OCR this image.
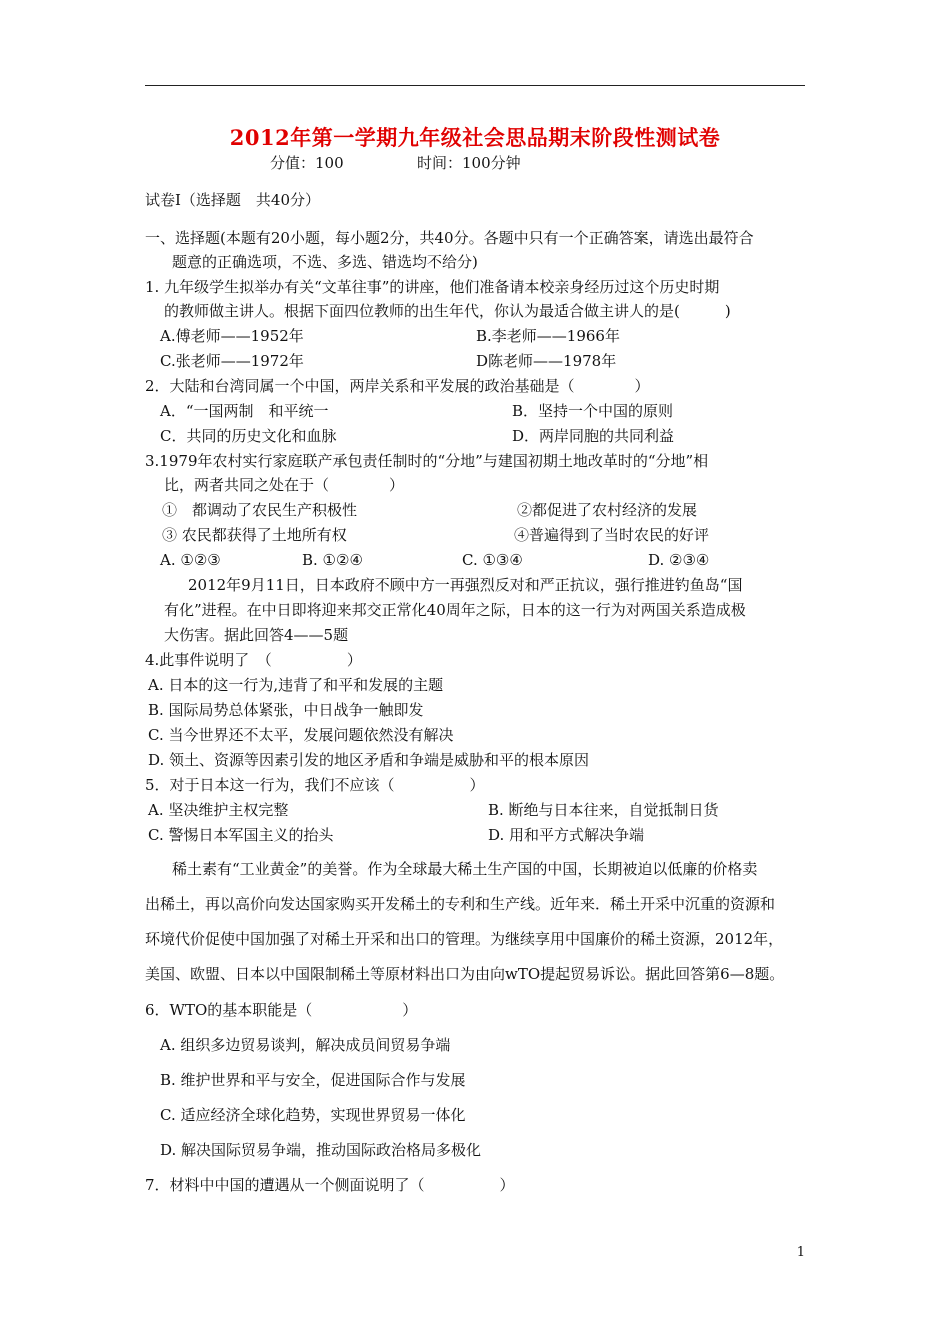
2012年第一学期九年级社会思品期末阶段性测试卷
分值：100	时间：100分钟
试卷Ⅰ（选择题　共40分）
一、选择题(本题有20小题，每小题2分，共40分。各题中只有一个正确答案，请选出最符合
题意的正确选项，不选、多选、错选均不给分)
1. 九年级学生拟举办有关“文革往事”的讲座，他们准备请本校亲身经历过这个历史时期
的教师做主讲人。根据下面四位教师的出生年代，你认为最适合做主讲人的是(　　　)
A.傅老师——1952年	B.李老师——1966年
C.张老师——1972年	D陈老师——1978年
2．大陆和台湾同属一个中国，两岸关系和平发展的政治基础是（　　　　）
A．“一国两制　和平统一	B．坚持一个中国的原则
C．共同的历史文化和血脉	D．两岸同胞的共同利益
3.1979年农村实行家庭联产承包责任制时的“分地”与建国初期土地改革时的“分地”相
比，两者共同之处在于（　　　　）
①　都调动了农民生产积极性	②都促进了农村经济的发展
③ 农民都获得了土地所有权	④普遍得到了当时农民的好评
A. ①②③	B. ①②④	C. ①③④	D. ②③④
2012年9月11日，日本政府不顾中方一再强烈反对和严正抗议，强行推进钓鱼岛“国
有化”进程。在中日即将迎来邦交正常化40周年之际，日本的这一行为对两国关系造成极
大伤害。据此回答4——5题
4.此事件说明了　（　　　　　）
A. 日本的这一行为,违背了和平和发展的主题
B. 国际局势总体紧张，中日战争一触即发
C. 当今世界还不太平，发展问题依然没有解决
D. 领土、资源等因素引发的地区矛盾和争端是威胁和平的根本原因
5．对于日本这一行为，我们不应该（　　　　　）
A. 坚决维护主权完整	B. 断绝与日本往来，自觉抵制日货
C. 警惕日本军国主义的抬头	D. 用和平方式解决争端
稀土素有“工业黄金”的美誉。作为全球最大稀土生产国的中国，长期被迫以低廉的价格卖
出稀土，再以高价向发达国家购买开发稀土的专利和生产线。近年来．稀土开采中沉重的资源和
环境代价促使中国加强了对稀土开采和出口的管理。为继续享用中国廉价的稀土资源，2012年，
美国、欧盟、日本以中国限制稀土等原材料出口为由向wTO提起贸易诉讼。据此回答第6—8题。
6．WTO的基本职能是（　　　　　　）
A. 组织多边贸易谈判，解决成员间贸易争端
B. 维护世界和平与安全，促进国际合作与发展
C. 适应经济全球化趋势，实现世界贸易一体化
D. 解决国际贸易争端，推动国际政治格局多极化
7．材料中中国的遭遇从一个侧面说明了（　　　　　）
1
